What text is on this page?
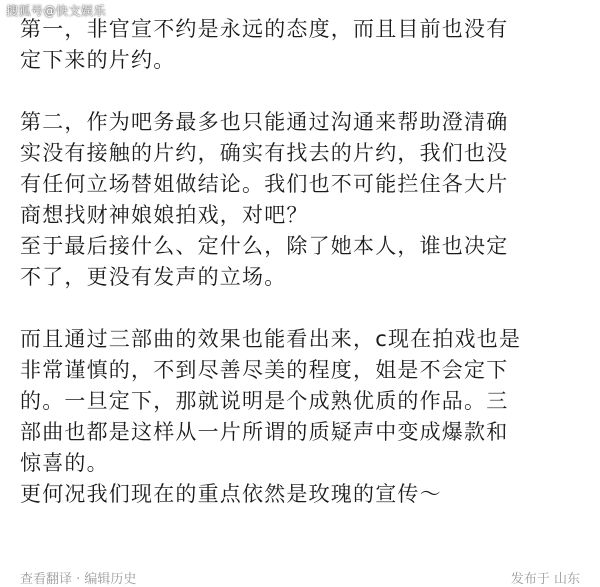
搜狐号@快文娱乐
第一，非官宣不约是永远的态度，而且目前也没有
定下来的片约。
第二，作为吧务最多也只能通过沟通来帮助澄清确
实没有接触的片约，确实有找去的片约，我们也没
有任何立场替姐做结论。我们也不可能拦住各大片
商想找财神娘娘拍戏，对吧？
至于最后接什么、定什么，除了她本人，谁也决定
不了，更没有发声的立场。
而且通过三部曲的效果也能看出来，c现在拍戏也是
非常谨慎的，不到尽善尽美的程度，姐是不会定下
的。一旦定下，那就说明是个成熟优质的作品。三
部曲也都是这样从一片所谓的质疑声中变成爆款和
惊喜的。
更何况我们现在的重点依然是玫瑰的宣传～
查看翻译 · 编辑历史	发布于 山东
